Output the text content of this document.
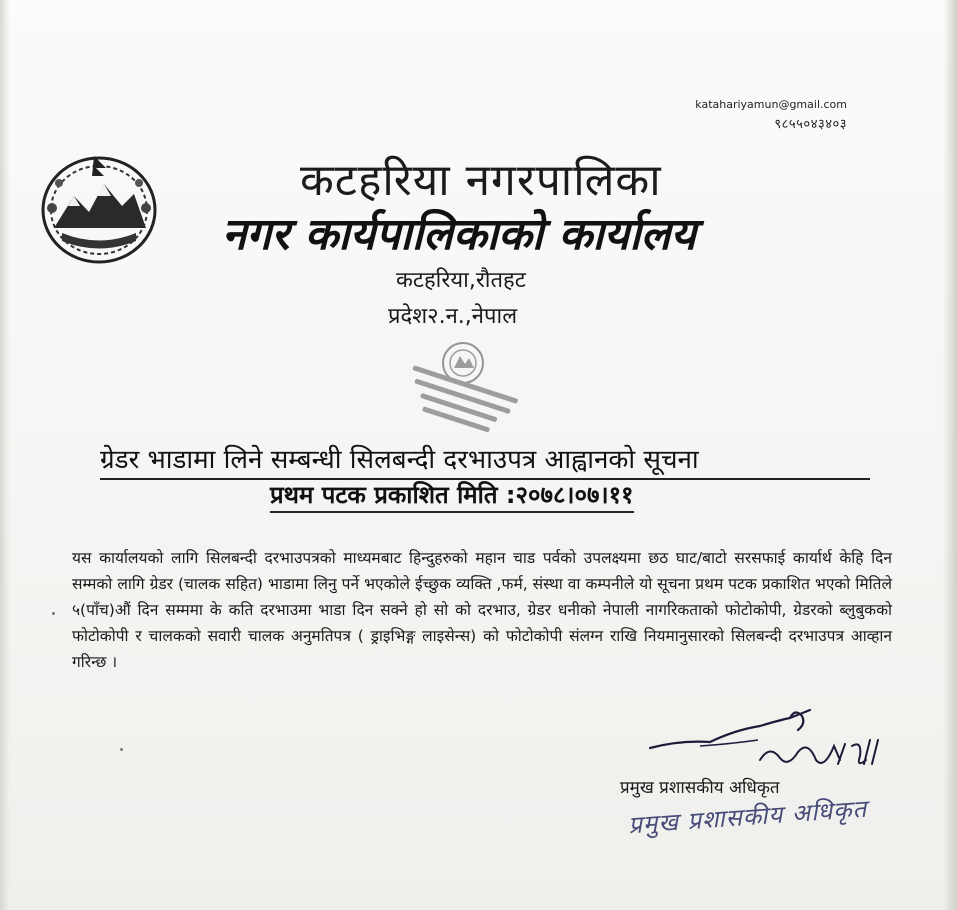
katahariyamun@gmail.com
९८५५०४३४०३
कटहरिया नगरपालिका
नगर कार्यपालिकाको कार्यालय
कटहरिया,रौतहट
प्रदेश२.न.,नेपाल
ग्रेडर भाडामा लिने सम्बन्धी सिलबन्दी दरभाउपत्र आह्वानको सूचना
प्रथम पटक प्रकाशित मिति :२०७८।०७।११
यस कार्यालयको लागि सिलबन्दी दरभाउपत्रको माध्यमबाट हिन्दुहरुको महान चाड पर्वको उपलक्ष्यमा छठ घाट/बाटो सरसफाई कार्यार्थ केहि दिन सम्मको लागि ग्रेडर (चालक सहित) भाडामा लिनु पर्ने भएकोले ईच्छुक व्यक्ति ,फर्म, संस्था वा कम्पनीले यो सूचना प्रथम पटक प्रकाशित भएको मितिले ५(पाँच)औं दिन सम्ममा के कति दरभाउमा भाडा दिन सक्ने हो सो को दरभाउ, ग्रेडर धनीको नेपाली नागरिकताको फोटोकोपी, ग्रेडरको ब्लुबुकको फोटोकोपी र चालकको सवारी चालक अनुमतिपत्र ( ड्राइभिङ्ग लाइसेन्स) को फोटोकोपी संलग्न राखि नियमानुसारको सिलबन्दी दरभाउपत्र आव्हान गरिन्छ ।
प्रमुख प्रशासकीय अधिकृत
प्रमुख प्रशासकीय अधिकृत
